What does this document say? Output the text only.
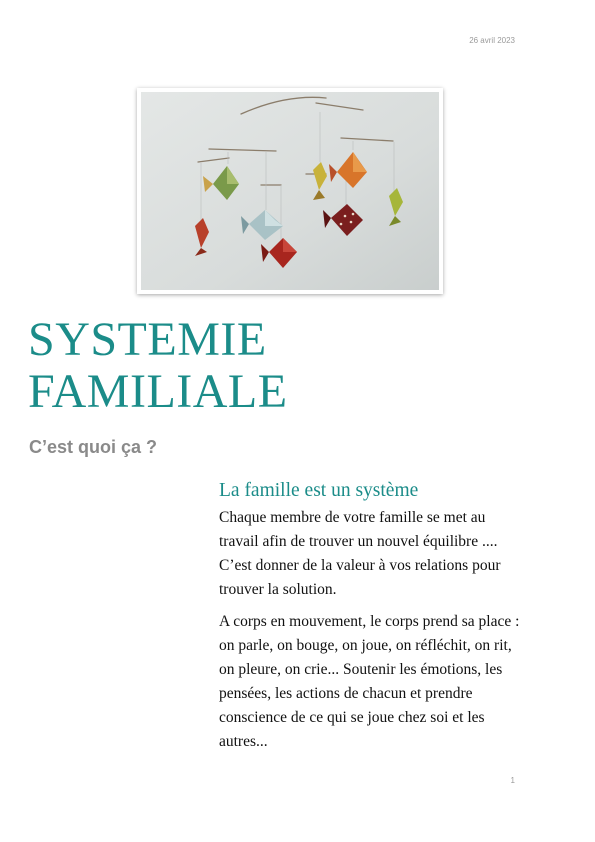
26 avril 2023
SYSTEMIE
FAMILIALE
C’est quoi ça ?
La famille est un système

Chaque membre de votre famille se met au travail afin de trouver un nouvel équilibre .... C’est donner de la valeur à vos relations pour trouver la solution.

A corps en mouvement, le corps prend sa place : on parle, on bouge, on joue, on réfléchit, on rit, on pleure, on crie... Soutenir les émotions, les pensées, les actions de chacun et prendre conscience de ce qui se joue chez soi et les autres...

1
